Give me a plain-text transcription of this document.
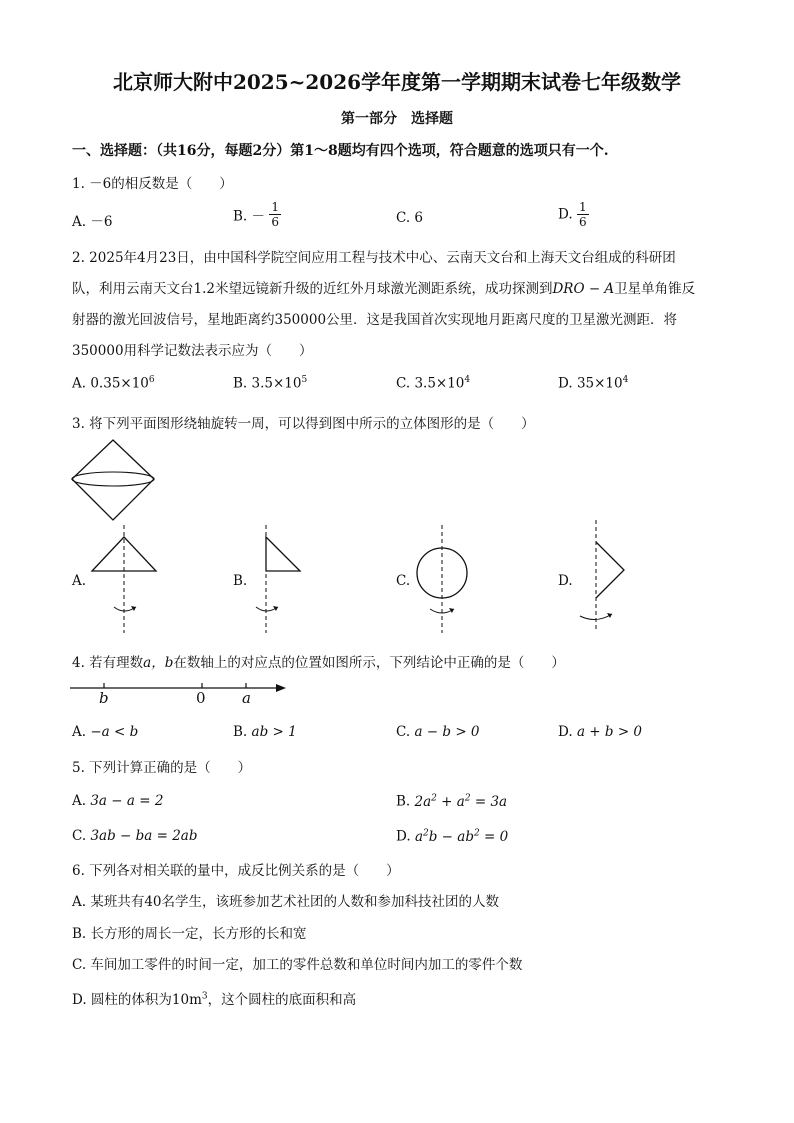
北京师大附中2025~2026学年度第一学期期末试卷七年级数学
第一部分　选择题
一、选择题：（共16分，每题2分）第1～8题均有四个选项，符合题意的选项只有一个.
1. －6的相反数是（　　）
A. －6	B. － $\frac{1}{6}$	C. 6	D. $\frac{1}{6}$
2. 2025年4月23日，由中国科学院空间应用工程与技术中心、云南天文台和上海天文台组成的科研团
队，利用云南天文台1.2米望远镜新升级的近红外月球激光测距系统，成功探测到DRO − A卫星单角锥反
射器的激光回波信号，星地距离约350000公里．这是我国首次实现地月距离尺度的卫星激光测距．将
350000用科学记数法表示应为（　　）
A. $0.35\times 10^6$	B. $3.5\times 10^5$	C. $3.5\times 10^4$	D. $35\times 10^4$
3. 将下列平面图形绕轴旋转一周，可以得到图中所示的立体图形的是（　　）
A.	B.	C.	D.
4. 若有理数a，b在数轴上的对应点的位置如图所示，下列结论中正确的是（　　）
b	0 a
A. −a < b	B. ab > 1	C. a − b > 0	D. a + b > 0
5. 下列计算正确的是（　　）
A. 3a − a = 2	B. $2a^2 + a^2 = 3a$
C. 3ab − ba = 2ab	D. $a^2b - ab^2 = 0$
6. 下列各对相关联的量中，成反比例关系的是（　　）
A. 某班共有40名学生，该班参加艺术社团的人数和参加科技社团的人数
B. 长方形的周长一定，长方形的长和宽
C. 车间加工零件的时间一定，加工的零件总数和单位时间内加工的零件个数
D. 圆柱的体积为$10m^3$，这个圆柱的底面积和高
